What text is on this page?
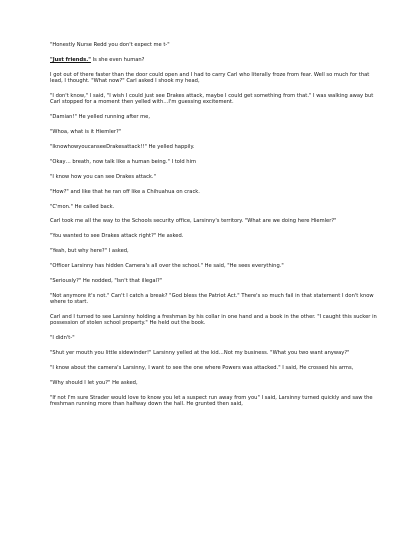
"Honestly Nurse Redd you don't expect me t-"

"Just friends." Is she even human?

I got out of there faster than the door could open and I had to carry Carl who literally froze from fear. Well so much for that lead, I thought. "What now?" Carl asked I shook my head,

"I don't know," I said, "I wish I could just see Drakes attack, maybe I could get something from that." I was walking away but Carl stopped for a moment then yelled with…I'm guessing excitement.

"Damian!" He yelled running after me,

"Whoa, what is it Hiemler?"

"IknowhowyoucanseeDrakesattack!!" He yelled happily.

"Okay… breath, now talk like a human being." I told him

"I know how you can see Drakes attack."

"How?" and like that he ran off like a Chihuahua on crack.

"C'mon." He called back.

Carl took me all the way to the Schools security office, Larsinny's territory. "What are we doing here Hiemler?"

"You wanted to see Drakes attack right?" He asked.

"Yeah, but why here?" I asked,

"Officer Larsinny has hidden Camera's all over the school." He said, "He sees everything."

"Seriously?" He nodded, "Isn't that illegal?"

"Not anymore it's not." Can't I catch a break? "God bless the Patriot Act." There's so much fail in that statement I don't know where to start.

Carl and I turned to see Larsinny holding a freshman by his collar in one hand and a book in the other. "I caught this sucker in possession of stolen school property." He held out the book.

"I didn't-"

"Shut yer mouth you little sidewinder!" Larsinny yelled at the kid…Not my business. "What you two want anyway?"

"I know about the camera's Larsinny, I want to see the one where Powers was attacked." I said, He crossed his arms,

"Why should I let you?" He asked,

"If not I'm sure Strader would love to know you let a suspect run away from you" I said, Larsinny turned quickly and saw the freshman running more than halfway down the hall. He grunted then said,
